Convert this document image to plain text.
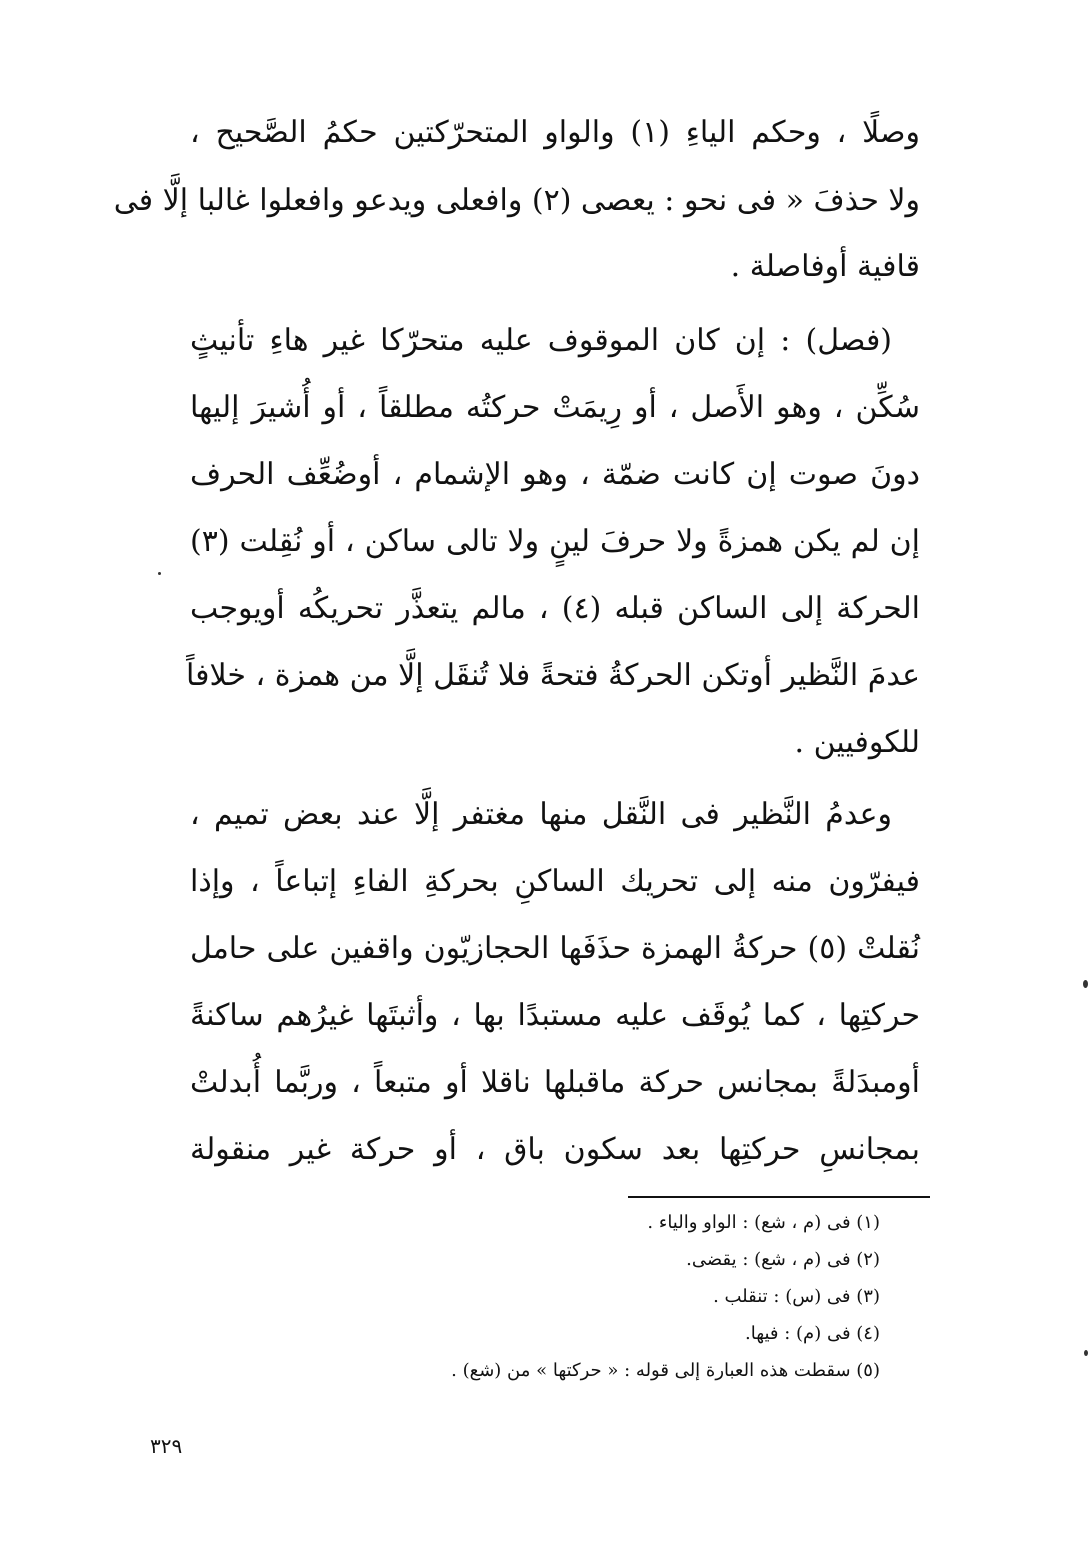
وصلًا ، وحكم الياءِ (١) والواو المتحرّكتين حكمُ الصَّحيح ،
ولا حذفَ « فى نحو : يعصى (٢) وافعلى ويدعو وافعلوا غالبا إلَّا فى
قافية أوفاصلة .
(فصل) : إن كان الموقوف عليه متحرّكا غير هاءِ تأنيثٍ
سُكِّن ، وهو الأَصل ، أو رِيمَتْ حركتُه مطلقاً ، أو أُشيرَ إليها
دونَ صوت إن كانت ضمّة ، وهو الإشمام ، أوضُعِّف الحرف
إن لم يكن همزةً ولا حرفَ لينٍ ولا تالى ساكن ، أو نُقِلت (٣)
الحركة إلى الساكن قبله (٤) ، مالم يتعذَّر تحريكُه أويوجب
عدمَ النَّظير أوتكن الحركةُ فتحةً فلا تُنقَل إلَّا من همزة ، خلافاً
للكوفيين .
وعدمُ النَّظير فى النَّقل منها مغتفر إلَّا عند بعض تميم ،
فيفرّون منه إلى تحريك الساكنِ بحركةِ الفاءِ إتباعاً ، وإذا
نُقلتْ (٥) حركةُ الهمزة حذَفَها الحجازيّون واقفين على حامل
حركتِها ، كما يُوقَف عليه مستبدًا بها ، وأثبتَها غيرُهم ساكنةً
أومبدَلةً بمجانس حركة ماقبلها ناقلا أو متبعاً ، وربَّما أُبدلتْ
بمجانسِ حركتِها بعد سكون باق ، أو حركة غير منقولة
(١) فى (م ، شع) : الواو والياء .
(٢) فى (م ، شع) : يقضى.
(٣) فى (س) : تنقلب .
(٤) فى (م) : فيها.
(٥) سقطت هذه العبارة إلى قوله : « حركتها » من (شع) .
٣٢٩
